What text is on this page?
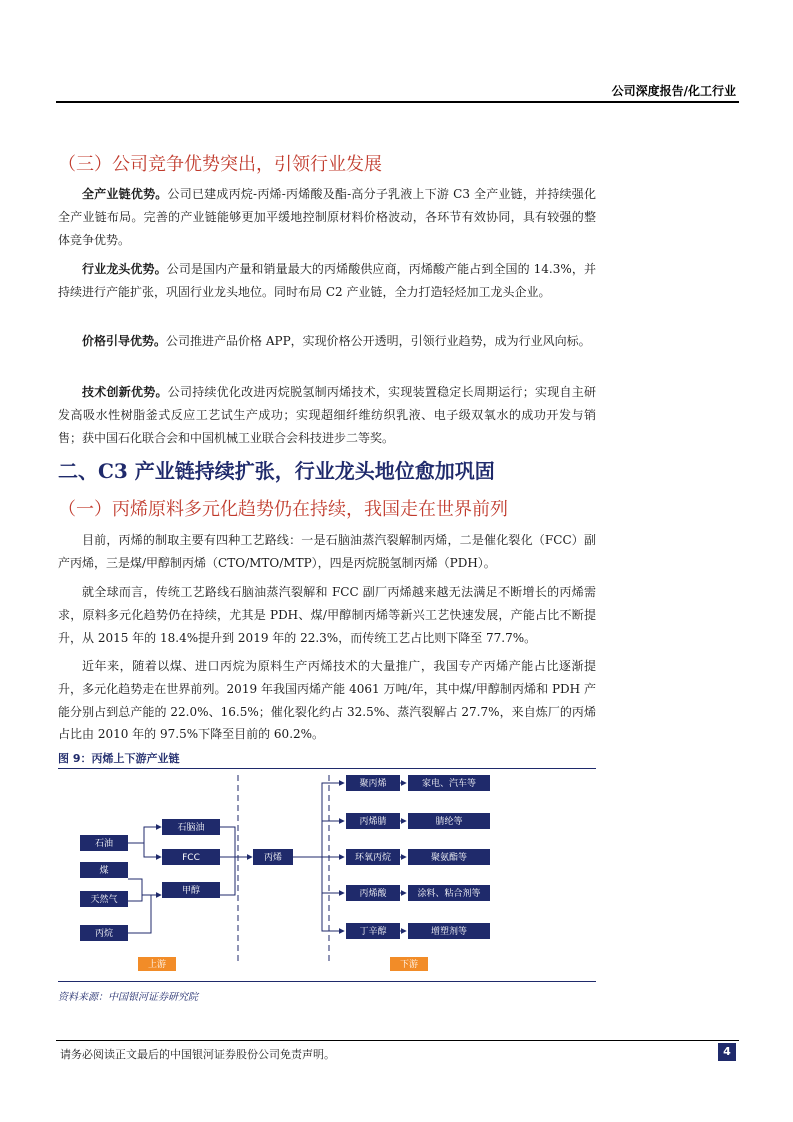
公司深度报告/化工行业
（三）公司竞争优势突出，引领行业发展
全产业链优势。公司已建成丙烷-丙烯-丙烯酸及酯-高分子乳液上下游 C3 全产业链，并持续强化全产业链布局。完善的产业链能够更加平缓地控制原材料价格波动，各环节有效协同，具有较强的整体竞争优势。
行业龙头优势。公司是国内产量和销量最大的丙烯酸供应商，丙烯酸产能占到全国的 14.3%，并持续进行产能扩张，巩固行业龙头地位。同时布局 C2 产业链，全力打造轻烃加工龙头企业。
价格引导优势。公司推进产品价格 APP，实现价格公开透明，引领行业趋势，成为行业风向标。
技术创新优势。公司持续优化改进丙烷脱氢制丙烯技术，实现装置稳定长周期运行；实现自主研发高吸水性树脂釜式反应工艺试生产成功；实现超细纤维纺织乳液、电子级双氧水的成功开发与销售；获中国石化联合会和中国机械工业联合会科技进步二等奖。
二、C3 产业链持续扩张，行业龙头地位愈加巩固
（一）丙烯原料多元化趋势仍在持续，我国走在世界前列
目前，丙烯的制取主要有四种工艺路线：一是石脑油蒸汽裂解制丙烯，二是催化裂化（FCC）副产丙烯，三是煤/甲醇制丙烯（CTO/MTO/MTP），四是丙烷脱氢制丙烯（PDH）。
就全球而言，传统工艺路线石脑油蒸汽裂解和 FCC 副厂丙烯越来越无法满足不断增长的丙烯需求，原料多元化趋势仍在持续，尤其是 PDH、煤/甲醇制丙烯等新兴工艺快速发展，产能占比不断提升，从 2015 年的 18.4%提升到 2019 年的 22.3%，而传统工艺占比则下降至 77.7%。
近年来，随着以煤、进口丙烷为原料生产丙烯技术的大量推广，我国专产丙烯产能占比逐渐提升，多元化趋势走在世界前列。2019 年我国丙烯产能 4061 万吨/年，其中煤/甲醇制丙烯和 PDH 产能分别占到总产能的 22.0%、16.5%；催化裂化约占 32.5%、蒸汽裂解占 27.7%，来自炼厂的丙烯占比由 2010 年的 97.5%下降至目前的 60.2%。
图 9：丙烯上下游产业链
石油
煤
天然气
丙烷
石脑油
FCC
甲醇
丙烯
聚丙烯
丙烯腈
环氧丙烷
丙烯酸
丁辛醇
家电、汽车等
腈纶等
聚氨酯等
涂料、粘合剂等
增塑剂等
上游	下游
资料来源：中国银河证券研究院
请务必阅读正文最后的中国银河证券股份公司免责声明。	4
